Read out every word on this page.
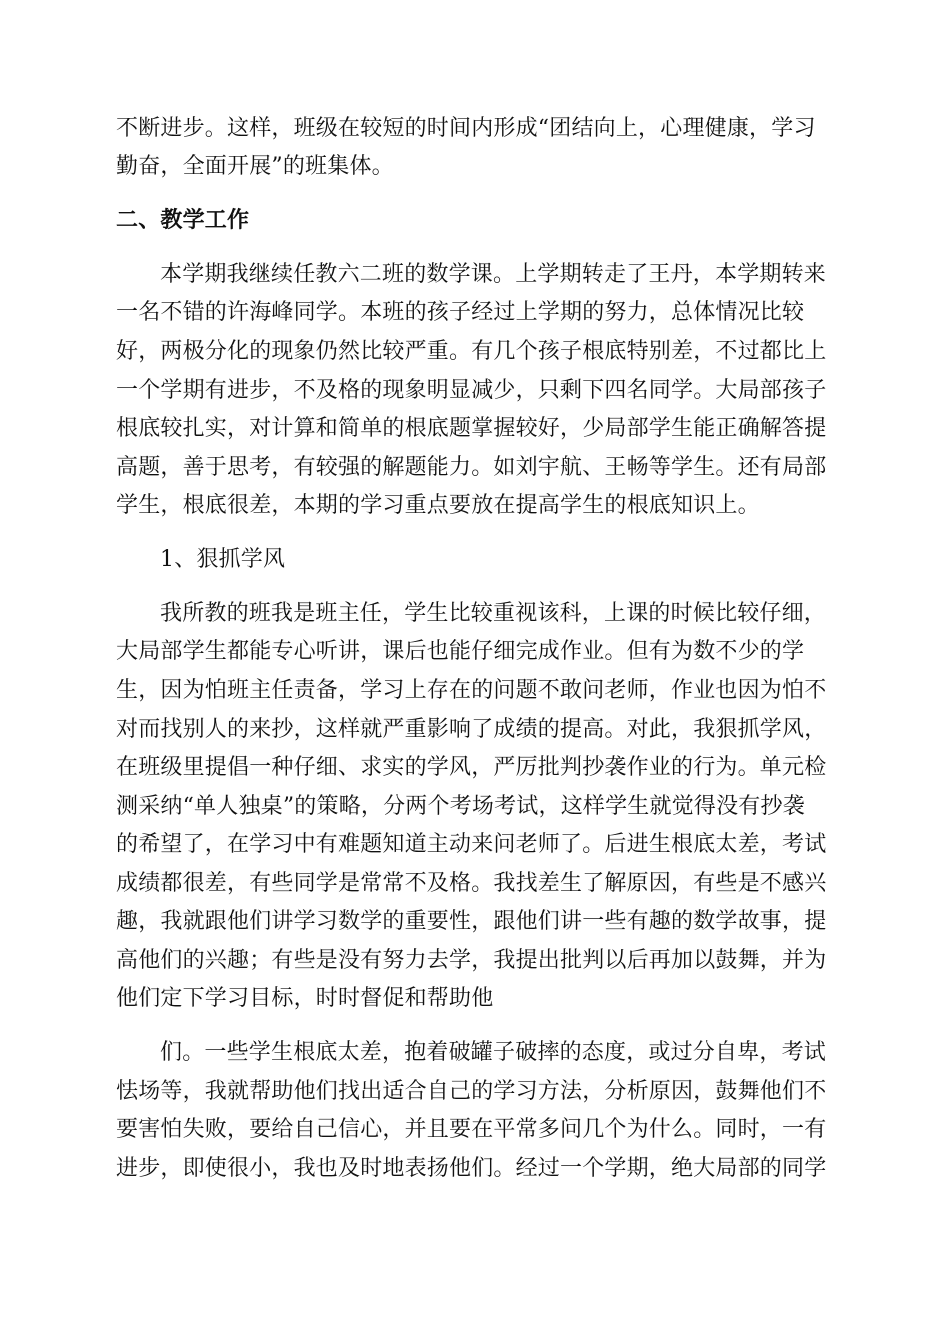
不断进步。这样，班级在较短的时间内形成“团结向上，心理健康，学习
勤奋，全面开展”的班集体。
二、教学工作
本学期我继续任教六二班的数学课。上学期转走了王丹，本学期转来
一名不错的许海峰同学。本班的孩子经过上学期的努力，总体情况比较
好，两极分化的现象仍然比较严重。有几个孩子根底特别差，不过都比上
一个学期有进步，不及格的现象明显减少，只剩下四名同学。大局部孩子
根底较扎实，对计算和简单的根底题掌握较好，少局部学生能正确解答提
高题，善于思考，有较强的解题能力。如刘宇航、王畅等学生。还有局部
学生，根底很差，本期的学习重点要放在提高学生的根底知识上。
1、狠抓学风
我所教的班我是班主任，学生比较重视该科，上课的时候比较仔细，
大局部学生都能专心听讲，课后也能仔细完成作业。但有为数不少的学
生，因为怕班主任责备，学习上存在的问题不敢问老师，作业也因为怕不
对而找别人的来抄，这样就严重影响了成绩的提高。对此，我狠抓学风，
在班级里提倡一种仔细、求实的学风，严厉批判抄袭作业的行为。单元检
测采纳“单人独桌”的策略，分两个考场考试，这样学生就觉得没有抄袭
的希望了，在学习中有难题知道主动来问老师了。后进生根底太差，考试
成绩都很差，有些同学是常常不及格。我找差生了解原因，有些是不感兴
趣，我就跟他们讲学习数学的重要性，跟他们讲一些有趣的数学故事，提
高他们的兴趣；有些是没有努力去学，我提出批判以后再加以鼓舞，并为
他们定下学习目标，时时督促和帮助他
们。一些学生根底太差，抱着破罐子破摔的态度，或过分自卑，考试
怯场等，我就帮助他们找出适合自己的学习方法，分析原因，鼓舞他们不
要害怕失败，要给自己信心，并且要在平常多问几个为什么。同时，一有
进步，即使很小，我也及时地表扬他们。经过一个学期，绝大局部的同学
